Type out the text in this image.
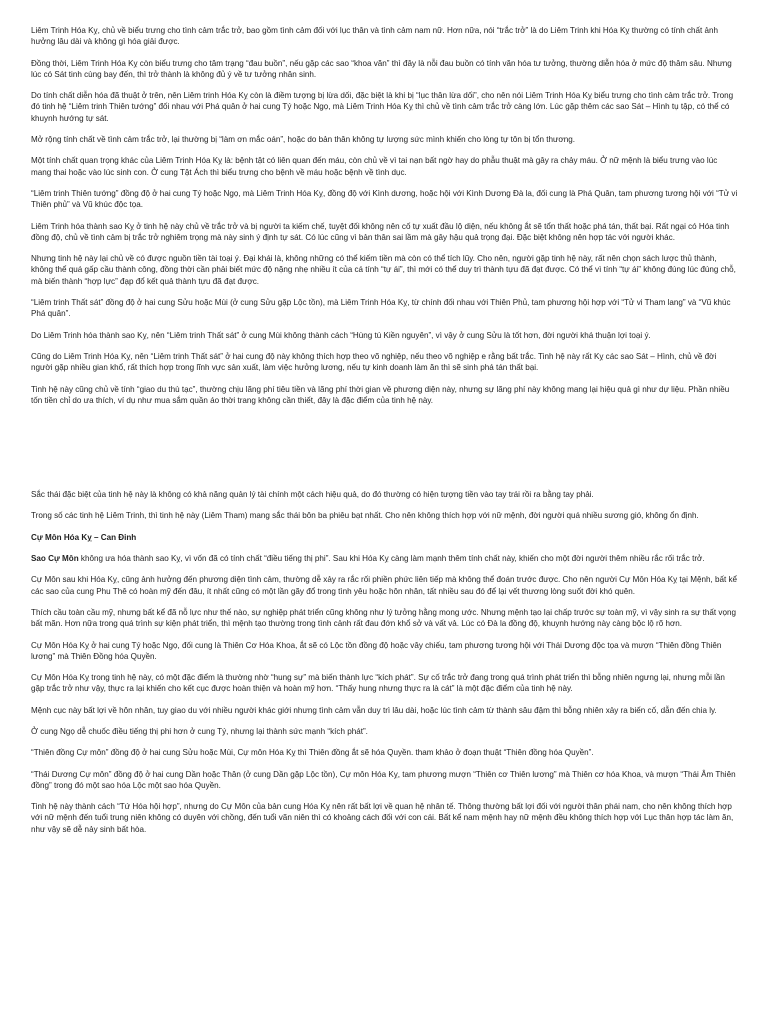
Liêm Trinh Hóa Kỵ, chủ về biểu trưng cho tình cảm trắc trở, bao gồm tình cảm đối với lục thân và tình cảm nam nữ. Hơn nữa, nói “trắc trở” là do Liêm Trinh khi Hóa Kỵ thường có tính chất ảnh hưởng lâu dài và không gì hóa giải được.

Đồng thời, Liêm Trinh Hóa Kỵ còn biểu trưng cho tâm trạng “đau buồn”, nếu gặp các sao “khoa văn” thì đây là nỗi đau buồn có tính văn hóa tư tưởng, thường diễn hóa ở mức độ thâm sâu. Nhưng lúc có Sát tinh cùng bay đến, thì trở thành là không đủ ý về tư tưởng nhân sinh.

Do tính chất diễn hóa đã thuật ở trên, nên Liêm trinh Hóa Kỵ còn là điềm tượng bị lừa dối, đặc biệt là khi bị “lục thân lừa dối”, cho nên nói Liêm Trinh Hóa Kỵ biểu trưng cho tình cảm trắc trở. Trong đó tinh hệ “Liêm trinh Thiên tướng” đối nhau với Phá quân ở hai cung Tý hoặc Ngọ, mà Liêm Trinh Hóa Kỵ thì chủ về tình cảm trắc trở càng lớn. Lúc gặp thêm các sao Sát – Hình tụ tập, có thể có khuynh hướng tự sát.

Mở rộng tính chất về tình cảm trắc trở, lại thường bị “làm ơn mắc oán”, hoặc do bản thân không tự lượng sức mình khiến cho lòng tự tôn bị tổn thương.

Một tính chất quan trọng khác của Liêm Trinh Hóa Kỵ là: bệnh tật có liên quan đến máu, còn chủ về vì tai nạn bất ngờ hay do phẫu thuật mà gây ra chảy máu. Ở nữ mệnh là biểu trưng vào lúc mang thai hoặc vào lúc sinh con. Ở cung Tật Ách thì biểu trưng cho bệnh về máu hoặc bệnh về tình dục.

“Liêm trinh Thiên tướng” đồng độ ở hai cung Tý hoặc Ngọ, mà Liêm Trinh Hóa Kỵ, đồng độ với Kình dương, hoặc hội với Kình Dương Đà la, đối cung là Phá Quân, tam phương tương hội với “Tử vi Thiên phủ” và Vũ khúc độc tọa.

Liêm Trinh hóa thành sao Kỵ ở tinh hệ này chủ về trắc trở và bị người ta kiếm chế, tuyệt đối không nên cố tự xuất đầu lộ diện, nếu không ắt sẽ tổn thất hoặc phá tán, thất bại. Rất ngại có Hóa tinh đồng độ, chủ về tình cảm bị trắc trở nghiêm trọng mà này sinh ý định tự sát. Có lúc cũng vì bản thân sai lầm mà gây hậu quả trọng đại. Đặc biệt không nên hợp tác với người khác.

Nhưng tinh hệ này lại chủ về có được nguồn tiền tài toại ý. Đại khái là, không những có thể kiếm tiền mà còn có thể tích lũy. Cho nên, người gặp tinh hệ này, rất nên chọn sách lược thủ thành, không thể quá gấp cầu thành công, đồng thời cần phải biết mức độ nặng nhẹ nhiều ít của cá tính “tự ái”, thì mới có thể duy trì thành tựu đã đạt được. Có thể vì tính “tự ái” không đúng lúc đúng chỗ, mà biến thành “hợp lực” đạp đổ kết quả thành tựu đã đạt được.

“Liêm trinh Thất sát” đồng độ ở hai cung Sửu hoặc Mùi (ở cung Sửu gặp Lộc tồn), mà Liêm Trinh Hóa Kỵ, từ chính đối nhau với Thiên Phủ, tam phương hội hợp với “Tử vi Tham lang” và “Vũ khúc Phá quân”.

Do Liêm Trinh hóa thành sao Kỵ, nên “Liêm trinh Thất sát” ở cung Mùi không thành cách “Hùng tú Kiền nguyên”, vì vậy ở cung Sửu là tốt hơn, đời người khá thuận lợi toại ý.

Cũng do Liêm Trinh Hóa Kỵ, nên “Liêm trinh Thất sát” ở hai cung độ này không thích hợp theo võ nghiệp, nếu theo võ nghiệp e rằng bất trắc. Tinh hệ này rất Kỵ các sao Sát – Hình, chủ về đời người gặp nhiều gian khổ, rất thích hợp trong lĩnh vực sản xuất, làm việc hưởng lương, nếu tự kinh doanh làm ăn thì sẽ sinh phá tán thất bại.

Tinh hệ này cũng chủ về tính “giao du thù tạc”, thường chịu lãng phí tiêu tiền và lãng phí thời gian về phương diện này, nhưng sự lãng phí này không mang lại hiệu quả gì như dự liệu. Phần nhiều tốn tiền chỉ do ưa thích, ví dụ như mua sắm quần áo thời trang không cần thiết, đây là đặc điểm của tinh hệ này.

Sắc thái đặc biệt của tinh hệ này là không có khả năng quản lý tài chính một cách hiệu quả, do đó thường có hiện tượng tiền vào tay trái rồi ra bằng tay phải.

Trong số các tinh hệ Liêm Trinh, thì tinh hệ này (Liêm Tham) mang sắc thái bôn ba phiêu bạt nhất. Cho nên không thích hợp với nữ mệnh, đời người quá nhiều sương gió, không ổn định.

Cự Môn Hóa Kỵ – Can Đinh

Sao Cự Môn không ưa hóa thành sao Kỵ, vì vốn đã có tính chất “điều tiếng thị phi”. Sau khi Hóa Kỵ càng làm mạnh thêm tính chất này, khiến cho một đời người thêm nhiều rắc rối trắc trở.

Cự Môn sau khi Hóa Kỵ, cũng ảnh hưởng đến phương diện tình cảm, thường dễ xảy ra rắc rối phiền phức liên tiếp mà không thể đoán trước được. Cho nên người Cự Môn Hóa Kỵ tại Mệnh, bất kể các sao của cung Phu Thê có hoàn mỹ đến đâu, ít nhất cũng có một lần gãy đổ trong tình yêu hoặc hôn nhân, tất nhiều sau đó để lại vết thương lòng suốt đời khó quên.

Thích cầu toàn cầu mỹ, nhưng bất kể đã nỗ lực như thế nào, sự nghiệp phát triển cũng không như lý tưởng hằng mong ước. Nhưng mệnh tạo lại chấp trước sự toàn mỹ, vì vậy sinh ra sự thất vọng bất mãn. Hơn nữa trong quá trình sự kiện phát triển, thì mệnh tạo thường trong tình cảnh rất đau đớn khổ sở và vất vả. Lúc có Đà la đồng độ, khuynh hướng này càng bộc lộ rõ hơn.

Cự Môn Hóa Kỵ ở hai cung Tý hoặc Ngọ, đối cung là Thiên Cơ Hóa Khoa, ắt sẽ có Lộc tồn đồng độ hoặc vây chiếu, tam phương tương hội với Thái Dương độc tọa và mượn “Thiên đồng Thiên lương” mà Thiên Đồng hóa Quyền.

Cự Môn Hóa Kỵ trong tinh hệ này, có một đặc điểm là thường nhờ “hung sự” mà biến thành lực “kích phát”. Sự cố trắc trở đang trong quá trình phát triển thì bỗng nhiên ngưng lại, nhưng mỗi lần gặp trắc trở như vậy, thực ra lại khiến cho kết cục được hoàn thiện và hoàn mỹ hơn. “Thấy hung nhưng thực ra là cát” là một đặc điểm của tinh hệ này.

Mệnh cục này bất lợi về hôn nhân, tuy giao du với nhiều người khác giới nhưng tình cảm vẫn duy trì lâu dài, hoặc lúc tình cảm từ thành sâu đậm thì bỗng nhiên xảy ra biến cố, dẫn đến chia ly.

Ở cung Ngọ dễ chuốc điều tiếng thị phi hơn ở cung Tý, nhưng lại thành sức mạnh “kích phát”.

“Thiên đồng Cự môn” đồng độ ở hai cung Sửu hoặc Mùi, Cự môn Hóa Kỵ thì Thiên đồng ắt sẽ hóa Quyền. tham khảo ở đoạn thuật “Thiên đồng hóa Quyền”.

“Thái Dương Cự môn” đồng độ ở hai cung Dần hoặc Thân (ở cung Dần gặp Lộc tồn), Cự môn Hóa Kỵ, tam phương mượn “Thiên cơ Thiên lương” mà Thiên cơ hóa Khoa, và mượn “Thái Âm Thiên đồng” trong đó một sao hóa Lộc một sao hóa Quyền.

Tinh hệ này thành cách “Tứ Hóa hội hợp”, nhưng do Cự Môn của bản cung Hóa Kỵ nên rất bất lợi về quan hệ nhân tế. Thông thường bất lợi đối với người thân phái nam, cho nên không thích hợp với nữ mệnh đến tuổi trung niên không có duyên với chồng, đến tuổi vãn niên thì có khoảng cách đối với con cái. Bất kể nam mệnh hay nữ mệnh đều không thích hợp với Lục thân hợp tác làm ăn, như vậy sẽ dễ nảy sinh bất hòa.
